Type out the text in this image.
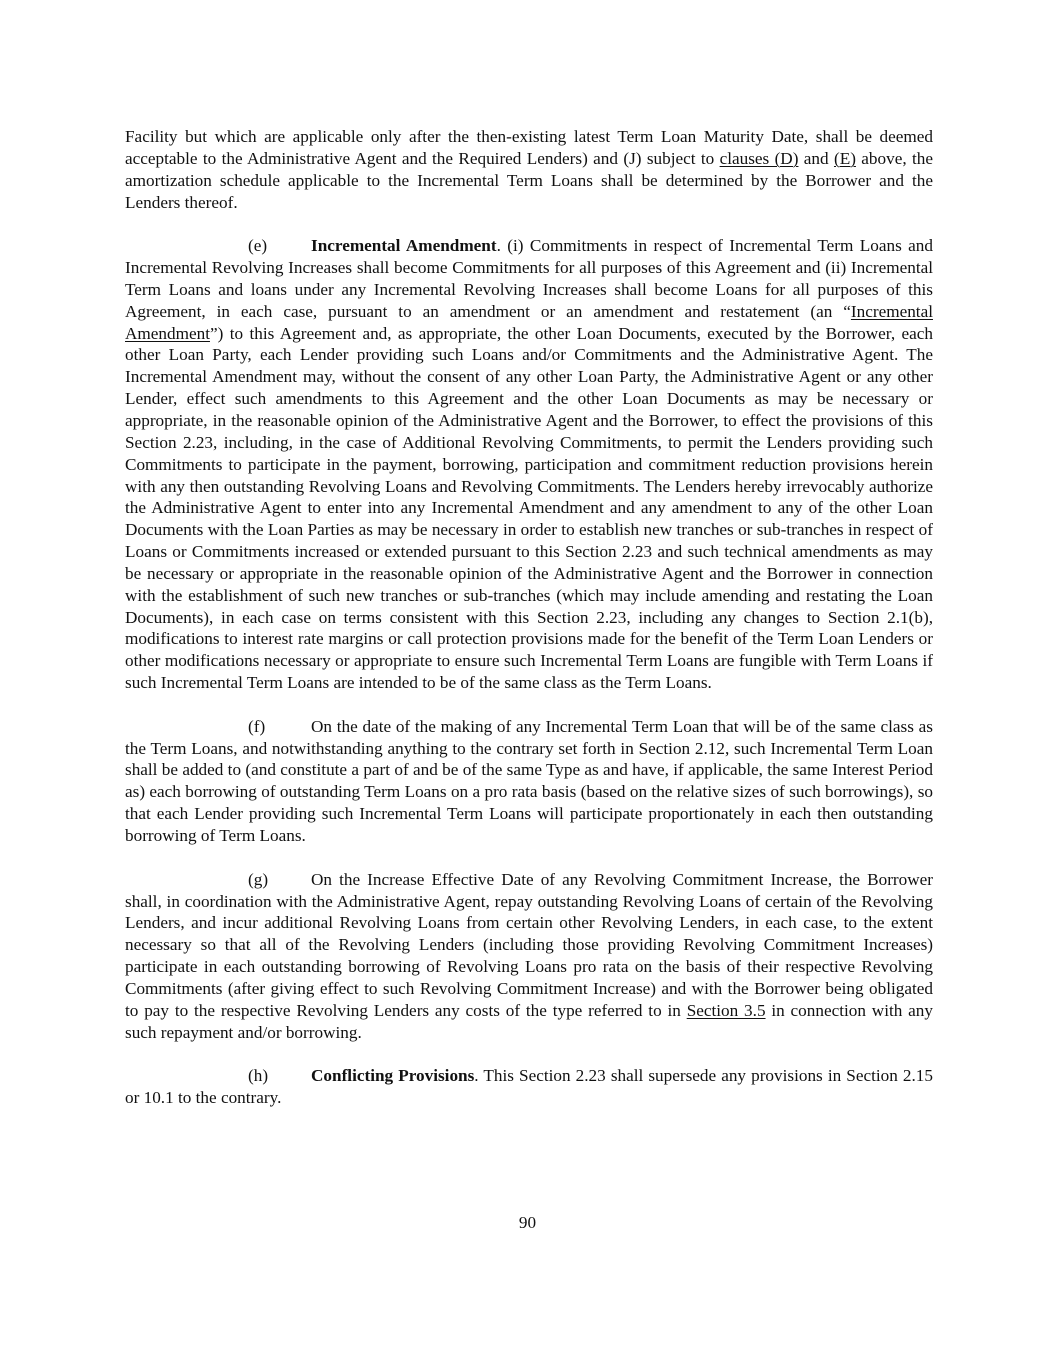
Facility but which are applicable only after the then-existing latest Term Loan Maturity Date, shall be deemed acceptable to the Administrative Agent and the Required Lenders) and (J) subject to clauses (D) and (E) above, the amortization schedule applicable to the Incremental Term Loans shall be determined by the Borrower and the Lenders thereof.

(e)	Incremental Amendment. (i) Commitments in respect of Incremental Term Loans and Incremental Revolving Increases shall become Commitments for all purposes of this Agreement and (ii) Incremental Term Loans and loans under any Incremental Revolving Increases shall become Loans for all purposes of this Agreement, in each case, pursuant to an amendment or an amendment and restatement (an “Incremental Amendment”) to this Agreement and, as appropriate, the other Loan Documents, executed by the Borrower, each other Loan Party, each Lender providing such Loans and/or Commitments and the Administrative Agent. The Incremental Amendment may, without the consent of any other Loan Party, the Administrative Agent or any other Lender, effect such amendments to this Agreement and the other Loan Documents as may be necessary or appropriate, in the reasonable opinion of the Administrative Agent and the Borrower, to effect the provisions of this Section 2.23, including, in the case of Additional Revolving Commitments, to permit the Lenders providing such Commitments to participate in the payment, borrowing, participation and commitment reduction provisions herein with any then outstanding Revolving Loans and Revolving Commitments. The Lenders hereby irrevocably authorize the Administrative Agent to enter into any Incremental Amendment and any amendment to any of the other Loan Documents with the Loan Parties as may be necessary in order to establish new tranches or sub-tranches in respect of Loans or Commitments increased or extended pursuant to this Section 2.23 and such technical amendments as may be necessary or appropriate in the reasonable opinion of the Administrative Agent and the Borrower in connection with the establishment of such new tranches or sub-tranches (which may include amending and restating the Loan Documents), in each case on terms consistent with this Section 2.23, including any changes to Section 2.1(b), modifications to interest rate margins or call protection provisions made for the benefit of the Term Loan Lenders or other modifications necessary or appropriate to ensure such Incremental Term Loans are fungible with Term Loans if such Incremental Term Loans are intended to be of the same class as the Term Loans.

(f)	On the date of the making of any Incremental Term Loan that will be of the same class as the Term Loans, and notwithstanding anything to the contrary set forth in Section 2.12, such Incremental Term Loan shall be added to (and constitute a part of and be of the same Type as and have, if applicable, the same Interest Period as) each borrowing of outstanding Term Loans on a pro rata basis (based on the relative sizes of such borrowings), so that each Lender providing such Incremental Term Loans will participate proportionately in each then outstanding borrowing of Term Loans.

(g) On the Increase Effective Date of any Revolving Commitment Increase, the Borrower shall, in coordination with the Administrative Agent, repay outstanding Revolving Loans of certain of the Revolving Lenders, and incur additional Revolving Loans from certain other Revolving Lenders, in each case, to the extent necessary so that all of the Revolving Lenders (including those providing Revolving Commitment Increases) participate in each outstanding borrowing of Revolving Loans pro rata on the basis of their respective Revolving Commitments (after giving effect to such Revolving Commitment Increase) and with the Borrower being obligated to pay to the respective Revolving Lenders any costs of the type referred to in Section 3.5 in connection with any such repayment and/or borrowing.

(h) Conflicting Provisions. This Section 2.23 shall supersede any provisions in Section 2.15 or 10.1 to the contrary.

90
